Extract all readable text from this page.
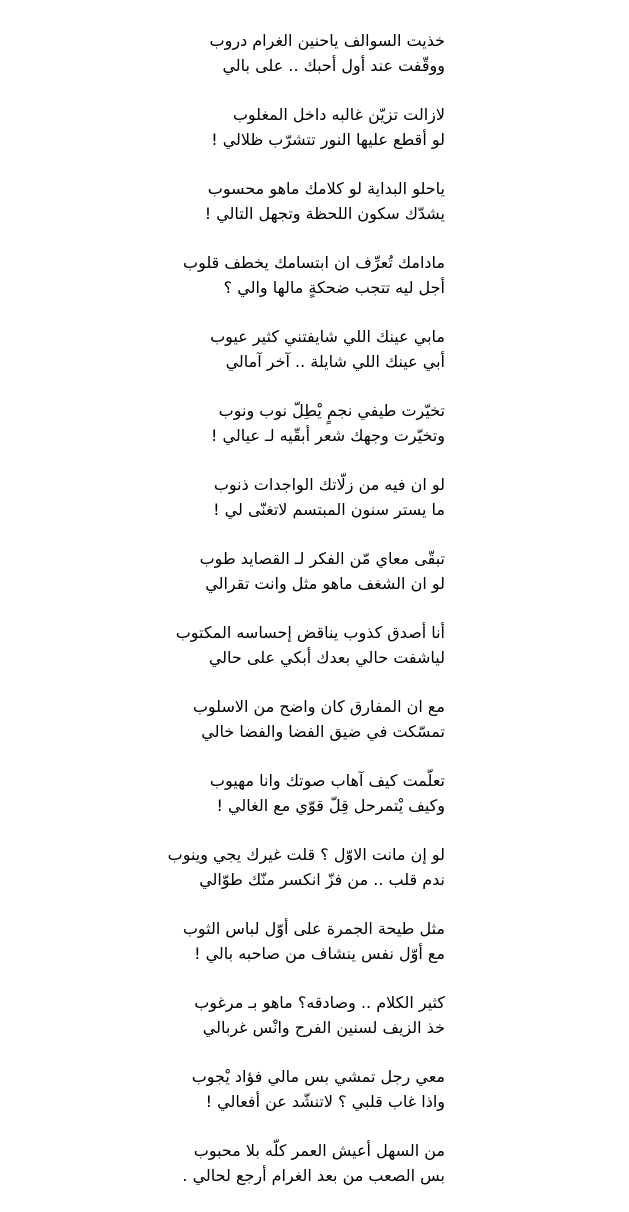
خذيت السوالف ياحنين الغرام دروب
ووقّفت عند أول أحبك .. على بالي
لازالت تزيّن غالبه داخل المغلوب
لو أقطع عليها النور تتشرّب ظلالي !
ياحلو البداية لو كلامك ماهو محسوب
يشدّك سكون اللحظة وتجهل التالي !
مادامك تُعرِّف ان ابتسامك يخطف قلوب
أجل ليه تتجب ضحكةٍ مالها والي ؟
مابي عينك اللي شايفتني كثير عيوب
أبي عينك اللي شايلة .. آخر آمالي
تخيّرت طيفي نجمٍ يْطِلّ نوب ونوب
وتخيّرت وجهك شعر أبقّيه لـ عيالي !
لو ان فيه من زلّاتك الواجدات ذنوب
ما يستر سنون المبتسم لاتغنّى لي !
تبقّى معاي مّن الفكر لـ القصايد طوب
لو ان الشغف ماهو مثل وانت تقرالي
أنا أصدق كذوب يناقض إحساسه المكتوب
لياشفت حالي بعدك أبكي على حالي
مع ان المفارق كان واضح من الاسلوب
تمسّكت في ضيق الفضا والفضا خالي
تعلّمت كيف آهاب صوتك وانا مهيوب
وكيف يْتمرحل قِلّ قوّي مع الغالي !
لو إن مانت الاوّل ؟ قلت غيرك يجي وينوب
ندم قلب .. من فزّ انكسر منّك طوّالي
مثل طيحة الجمرة على أوّل لباس الثوب
مع أوّل نفس ينشاف من صاحبه بالي !
كثير الكلام .. وصادقه؟ ماهو بـ مرغوب
خذ الزيف لسنين الفرح وانْس غربالي
معي رجل تمشي بس مالي فؤاد يْجوب
واذا غاب قلبي ؟ لاتنشّد عن أفعالي !
من السهل أعيش العمر كلّه بلا محبوب
بس الصعب من بعد الغرام أرجع لحالي .
